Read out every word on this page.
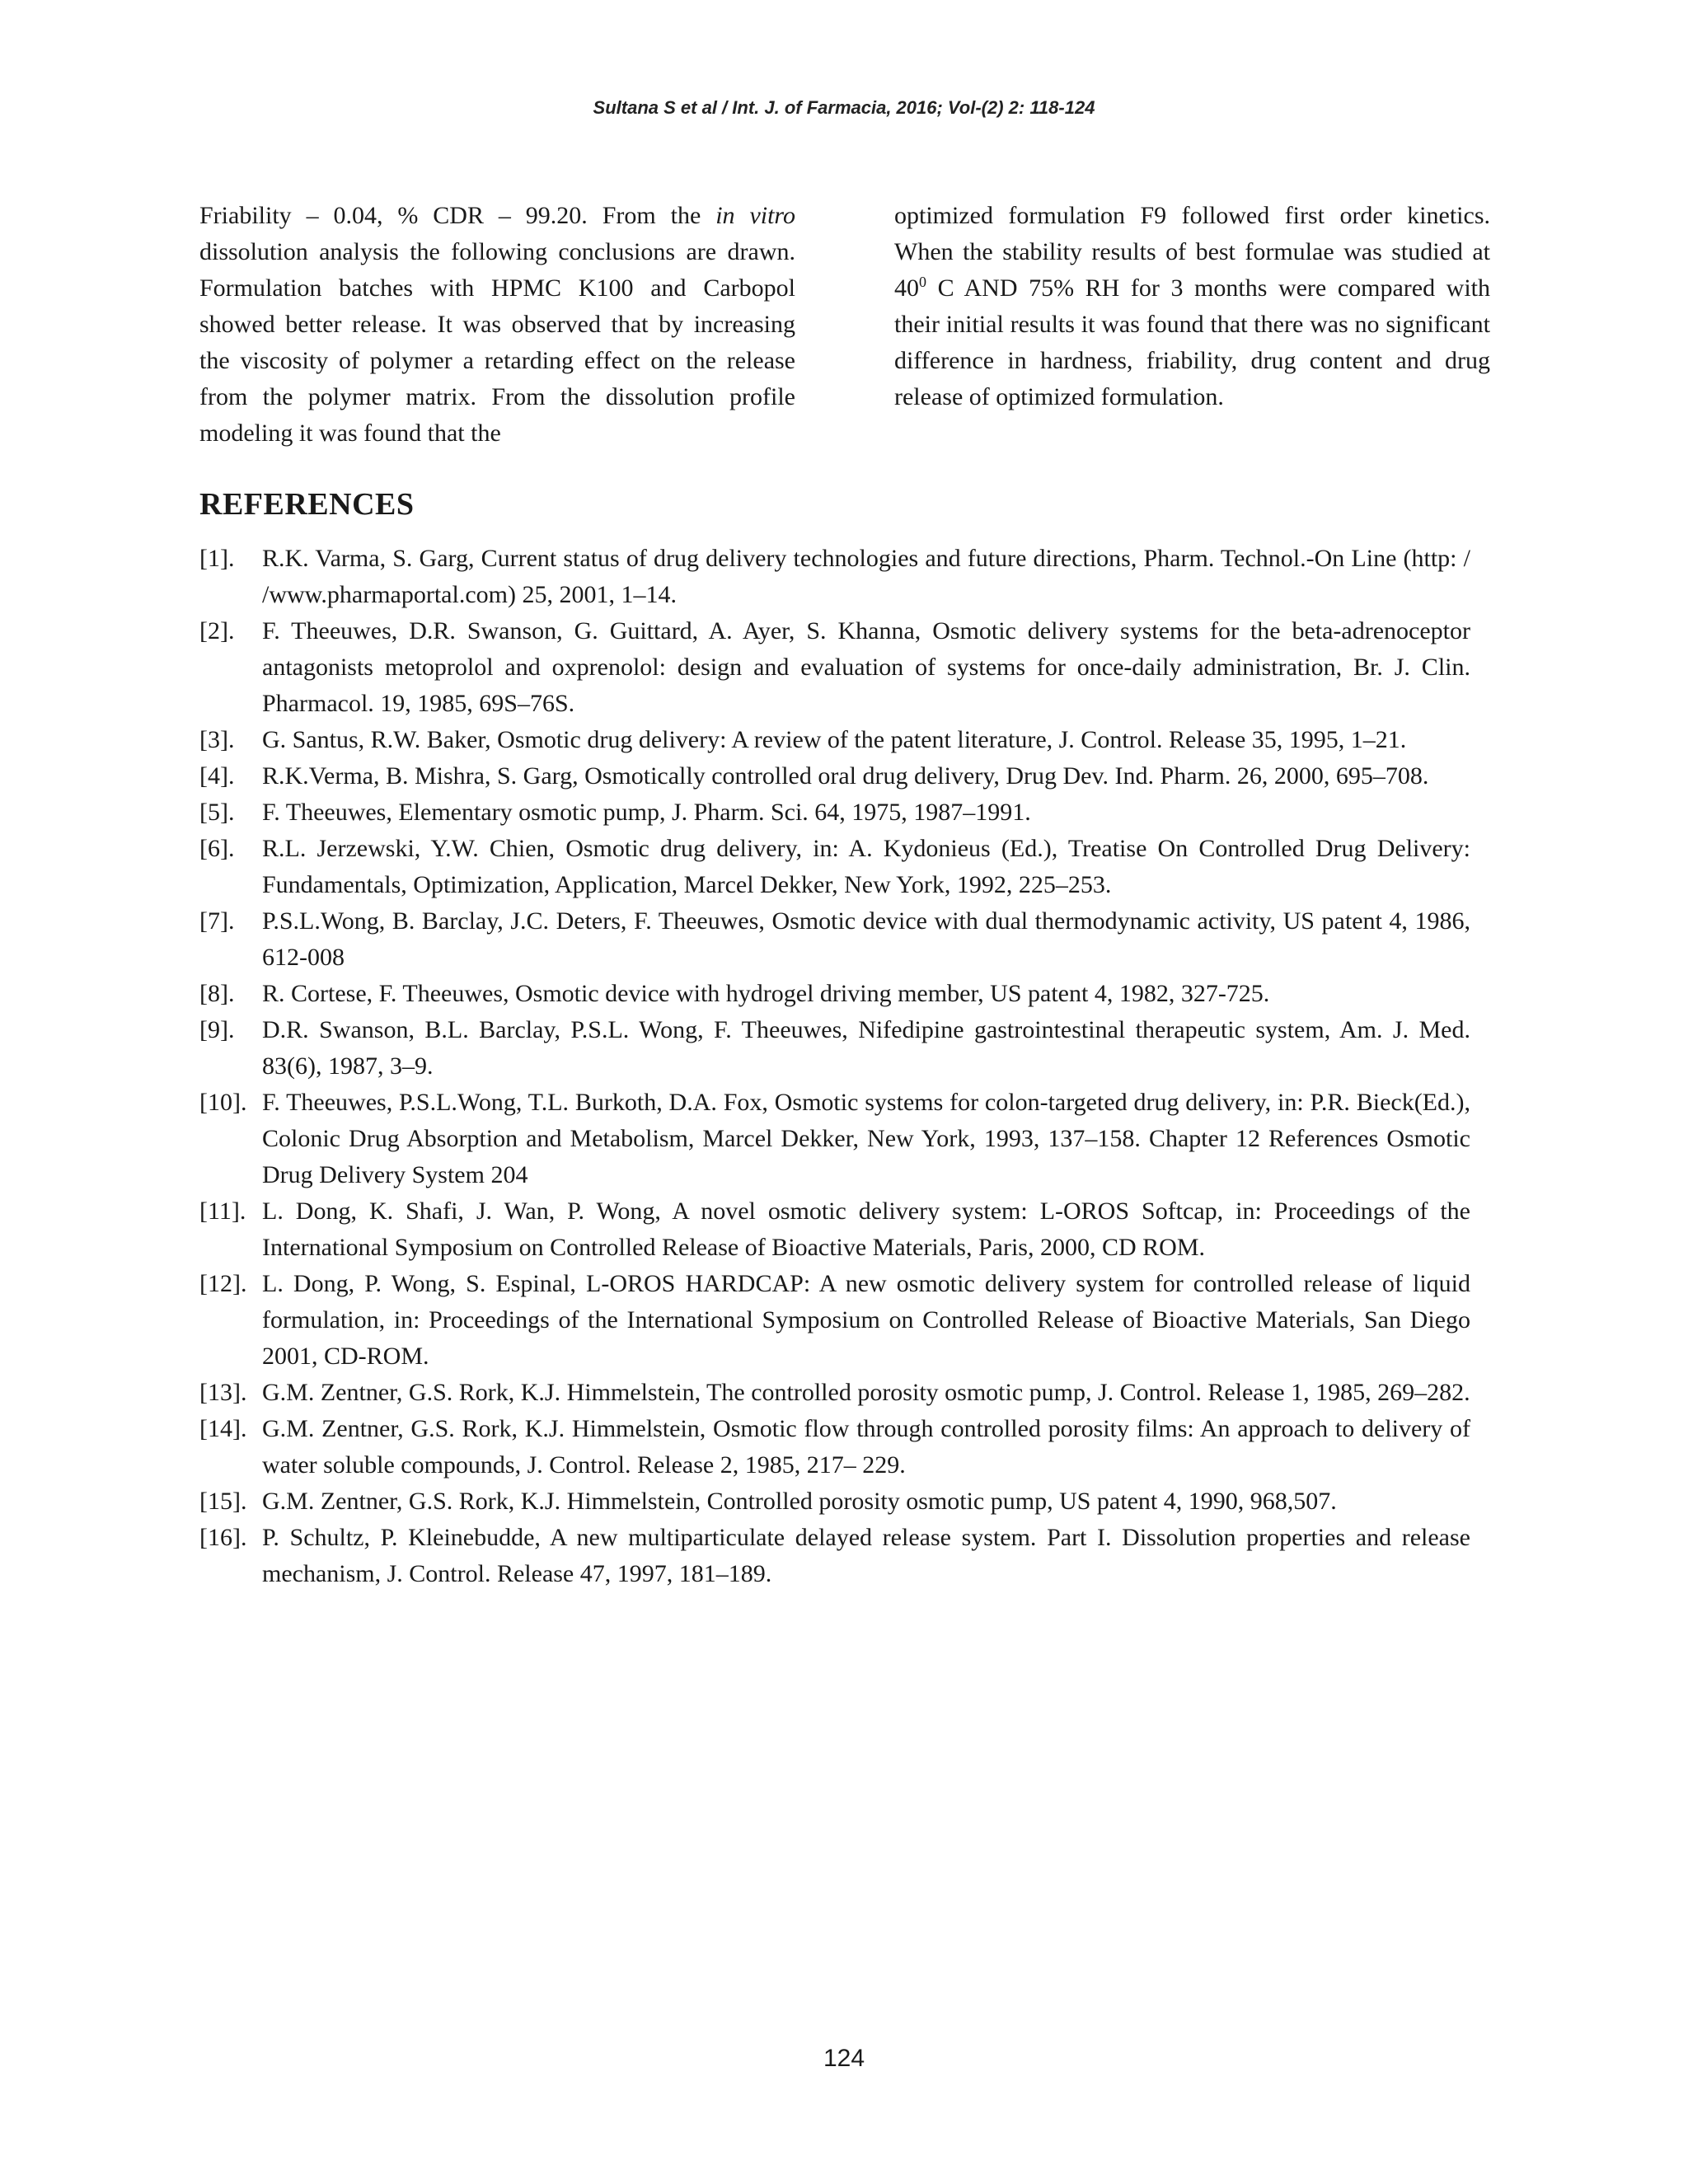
Sultana S et al / Int. J. of Farmacia, 2016; Vol-(2) 2: 118-124
Friability – 0.04, % CDR – 99.20. From the in vitro dissolution analysis the following conclusions are drawn. Formulation batches with HPMC K100 and Carbopol showed better release. It was observed that by increasing the viscosity of polymer a retarding effect on the release from the polymer matrix. From the dissolution profile modeling it was found that the
optimized formulation F9 followed first order kinetics. When the stability results of best formulae was studied at $40^0$ C AND 75% RH for 3 months were compared with their initial results it was found that there was no significant difference in hardness, friability, drug content and drug release of optimized formulation.
REFERENCES
[1].	R.K. Varma, S. Garg, Current status of drug delivery technologies and future directions, Pharm. Technol.-On Line (http: / /www.pharmaportal.com) 25, 2001, 1–14.
[2].	F. Theeuwes, D.R. Swanson, G. Guittard, A. Ayer, S. Khanna, Osmotic delivery systems for the beta-adrenoceptor antagonists metoprolol and oxprenolol: design and evaluation of systems for once-daily administration, Br. J. Clin. Pharmacol. 19, 1985, 69S–76S.
[3].	G. Santus, R.W. Baker, Osmotic drug delivery: A review of the patent literature, J. Control. Release 35, 1995, 1–21.
[4].	R.K.Verma, B. Mishra, S. Garg, Osmotically controlled oral drug delivery, Drug Dev. Ind. Pharm. 26, 2000, 695–708.
[5].	F. Theeuwes, Elementary osmotic pump, J. Pharm. Sci. 64, 1975, 1987–1991.
[6].	R.L. Jerzewski, Y.W. Chien, Osmotic drug delivery, in: A. Kydonieus (Ed.), Treatise On Controlled Drug Delivery: Fundamentals, Optimization, Application, Marcel Dekker, New York, 1992, 225–253.
[7].	P.S.L.Wong, B. Barclay, J.C. Deters, F. Theeuwes, Osmotic device with dual thermodynamic activity, US patent 4, 1986, 612-008
[8].	R. Cortese, F. Theeuwes, Osmotic device with hydrogel driving member, US patent 4, 1982, 327-725.
[9].	D.R. Swanson, B.L. Barclay, P.S.L. Wong, F. Theeuwes, Nifedipine gastrointestinal therapeutic system, Am. J. Med. 83(6), 1987, 3–9.
[10]. F. Theeuwes, P.S.L.Wong, T.L. Burkoth, D.A. Fox, Osmotic systems for colon-targeted drug delivery, in: P.R. Bieck(Ed.), Colonic Drug Absorption and Metabolism, Marcel Dekker, New York, 1993, 137–158. Chapter 12 References Osmotic Drug Delivery System 204
[11]. L. Dong, K. Shafi, J. Wan, P. Wong, A novel osmotic delivery system: L-OROS Softcap, in: Proceedings of the International Symposium on Controlled Release of Bioactive Materials, Paris, 2000, CD ROM.
[12]. L. Dong, P. Wong, S. Espinal, L-OROS HARDCAP: A new osmotic delivery system for controlled release of liquid formulation, in: Proceedings of the International Symposium on Controlled Release of Bioactive Materials, San Diego 2001, CD-ROM.
[13]. G.M. Zentner, G.S. Rork, K.J. Himmelstein, The controlled porosity osmotic pump, J. Control. Release 1, 1985, 269–282.
[14]. G.M. Zentner, G.S. Rork, K.J. Himmelstein, Osmotic flow through controlled porosity films: An approach to delivery of water soluble compounds, J. Control. Release 2, 1985, 217– 229.
[15]. G.M. Zentner, G.S. Rork, K.J. Himmelstein, Controlled porosity osmotic pump, US patent 4, 1990, 968,507.
[16]. P. Schultz, P. Kleinebudde, A new multiparticulate delayed release system. Part I. Dissolution properties and release mechanism, J. Control. Release 47, 1997, 181–189.
124
